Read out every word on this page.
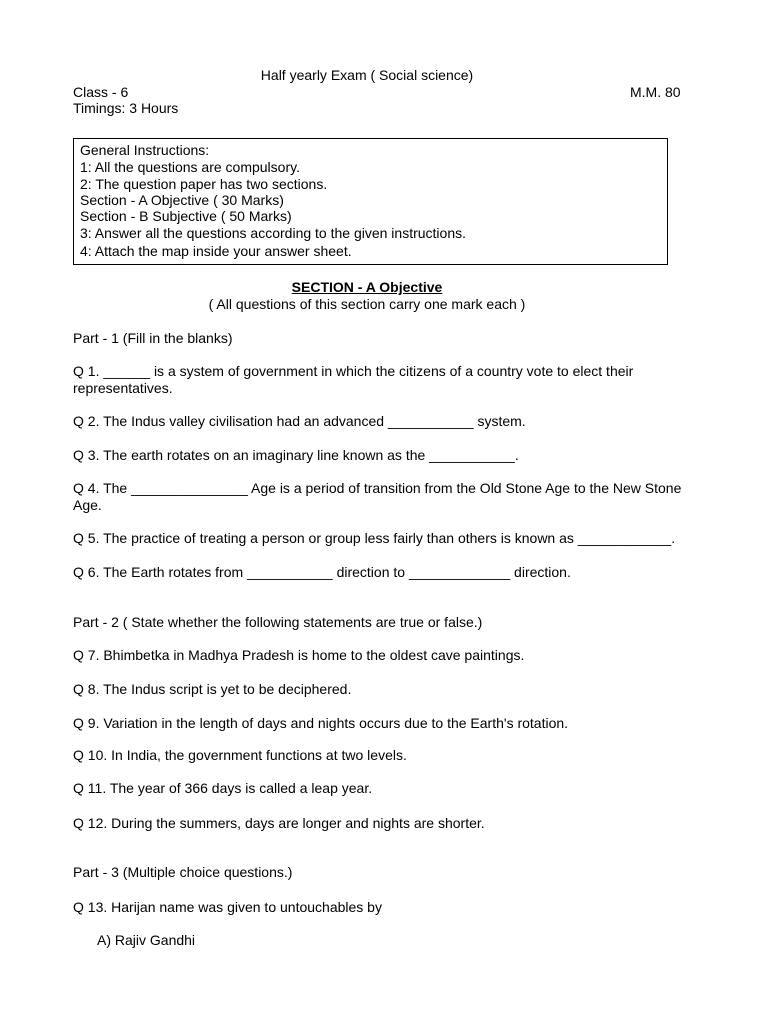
Half yearly Exam ( Social science)
Class - 6	M.M. 80
Timings: 3 Hours
General Instructions:
1: All the questions are compulsory.
2: The question paper has two sections.
Section - A Objective ( 30 Marks)
Section - B Subjective ( 50 Marks)
3: Answer all the questions according to the given instructions.
4: Attach the map inside your answer sheet.
SECTION - A Objective
( All questions of this section carry one mark each )
Part - 1 (Fill in the blanks)
Q 1. ______ is a system of government in which the citizens of a country vote to elect their representatives.
Q 2. The Indus valley civilisation had an advanced ___________ system.
Q 3. The earth rotates on an imaginary line known as the ___________.
Q 4. The _______________ Age is a period of transition from the Old Stone Age to the New Stone Age.
Q 5. The practice of treating a person or group less fairly than others is known as ____________.
Q 6. The Earth rotates from ___________ direction to _____________ direction.
Part - 2 ( State whether the following statements are true or false.)
Q 7. Bhimbetka in Madhya Pradesh is home to the oldest cave paintings.
Q 8. The Indus script is yet to be deciphered.
Q 9. Variation in the length of days and nights occurs due to the Earth's rotation.
Q 10. In India, the government functions at two levels.
Q 11. The year of 366 days is called a leap year.
Q 12. During the summers, days are longer and nights are shorter.
Part - 3 (Multiple choice questions.)
Q 13. Harijan name was given to untouchables by
A) Rajiv Gandhi
